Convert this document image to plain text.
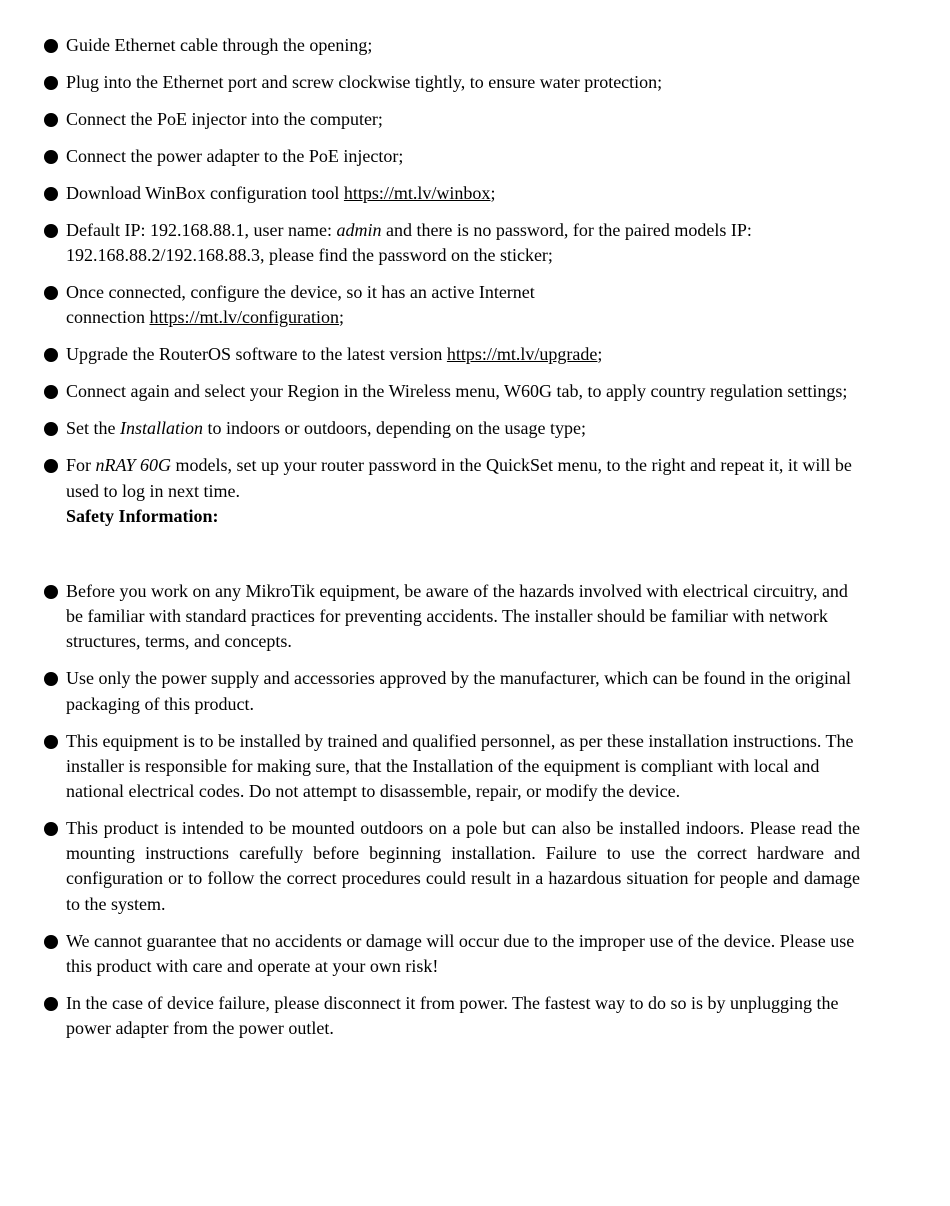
Guide Ethernet cable through the opening;
Plug into the Ethernet port and screw clockwise tightly, to ensure water protection;
Connect the PoE injector into the computer;
Connect the power adapter to the PoE injector;
Download WinBox configuration tool https://mt.lv/winbox;
Default IP: 192.168.88.1, user name: admin and there is no password, for the paired models IP: 192.168.88.2/192.168.88.3, please find the password on the sticker;
Once connected, configure the device, so it has an active Internet
connection https://mt.lv/configuration;
Upgrade the RouterOS software to the latest version https://mt.lv/upgrade;
Connect again and select your Region in the Wireless menu, W60G tab, to apply country regulation settings;
Set the Installation to indoors or outdoors, depending on the usage type;
For nRAY 60G models, set up your router password in the QuickSet menu, to the right and repeat it, it will be used to log in next time.
Safety Information:
Before you work on any MikroTik equipment, be aware of the hazards involved with electrical circuitry, and be familiar with standard practices for preventing accidents. The installer should be familiar with network structures, terms, and concepts.
Use only the power supply and accessories approved by the manufacturer, which can be found in the original packaging of this product.
This equipment is to be installed by trained and qualified personnel, as per these installation instructions. The installer is responsible for making sure, that the Installation of the equipment is compliant with local and national electrical codes. Do not attempt to disassemble, repair, or modify the device.
This product is intended to be mounted outdoors on a pole but can also be installed indoors. Please read the mounting instructions carefully before beginning installation. Failure to use the correct hardware and configuration or to follow the correct procedures could result in a hazardous situation for people and damage to the system.
We cannot guarantee that no accidents or damage will occur due to the improper use of the device. Please use this product with care and operate at your own risk!
In the case of device failure, please disconnect it from power. The fastest way to do so is by unplugging the power adapter from the power outlet.
